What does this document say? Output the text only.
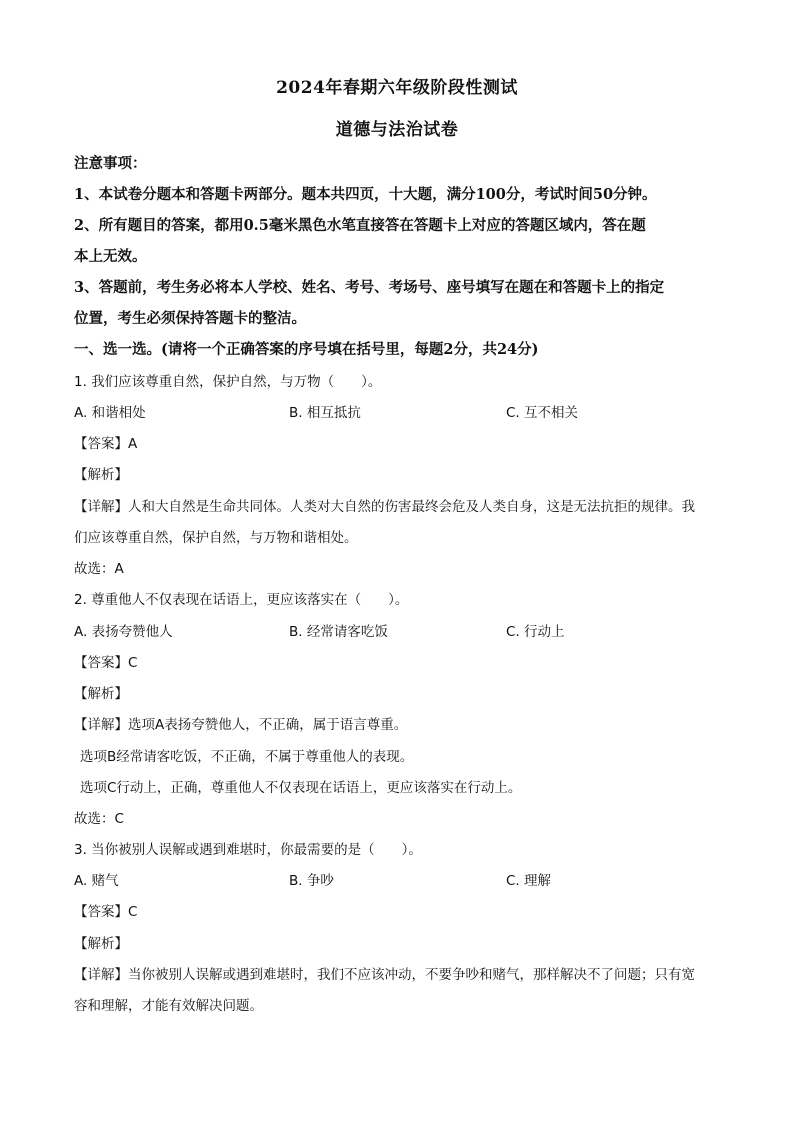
2024年春期六年级阶段性测试
道德与法治试卷
注意事项：
1、本试卷分题本和答题卡两部分。题本共四页，十大题，满分100分，考试时间50分钟。
2、所有题目的答案，都用0.5毫米黑色水笔直接答在答题卡上对应的答题区域内，答在题
本上无效。
3、答题前，考生务必将本人学校、姓名、考号、考场号、座号填写在题在和答题卡上的指定
位置，考生必须保持答题卡的整洁。
一、选一选。(请将一个正确答案的序号填在括号里，每题2分，共24分)
1. 我们应该尊重自然，保护自然，与万物（　　）。
A. 和谐相处	B. 相互抵抗	C. 互不相关
【答案】A
【解析】
【详解】人和大自然是生命共同体。人类对大自然的伤害最终会危及人类自身，这是无法抗拒的规律。我
们应该尊重自然，保护自然，与万物和谐相处。
故选：A
2. 尊重他人不仅表现在话语上，更应该落实在（　　）。
A. 表扬夸赞他人	B. 经常请客吃饭	C. 行动上
【答案】C
【解析】
【详解】选项A表扬夸赞他人，不正确，属于语言尊重。
选项B经常请客吃饭，不正确，不属于尊重他人的表现。
选项C行动上，正确，尊重他人不仅表现在话语上，更应该落实在行动上。
故选：C
3. 当你被别人误解或遇到难堪时，你最需要的是（　　）。
A. 赌气	B. 争吵	C. 理解
【答案】C
【解析】
【详解】当你被别人误解或遇到难堪时，我们不应该冲动，不要争吵和赌气，那样解决不了问题；只有宽
容和理解，才能有效解决问题。
